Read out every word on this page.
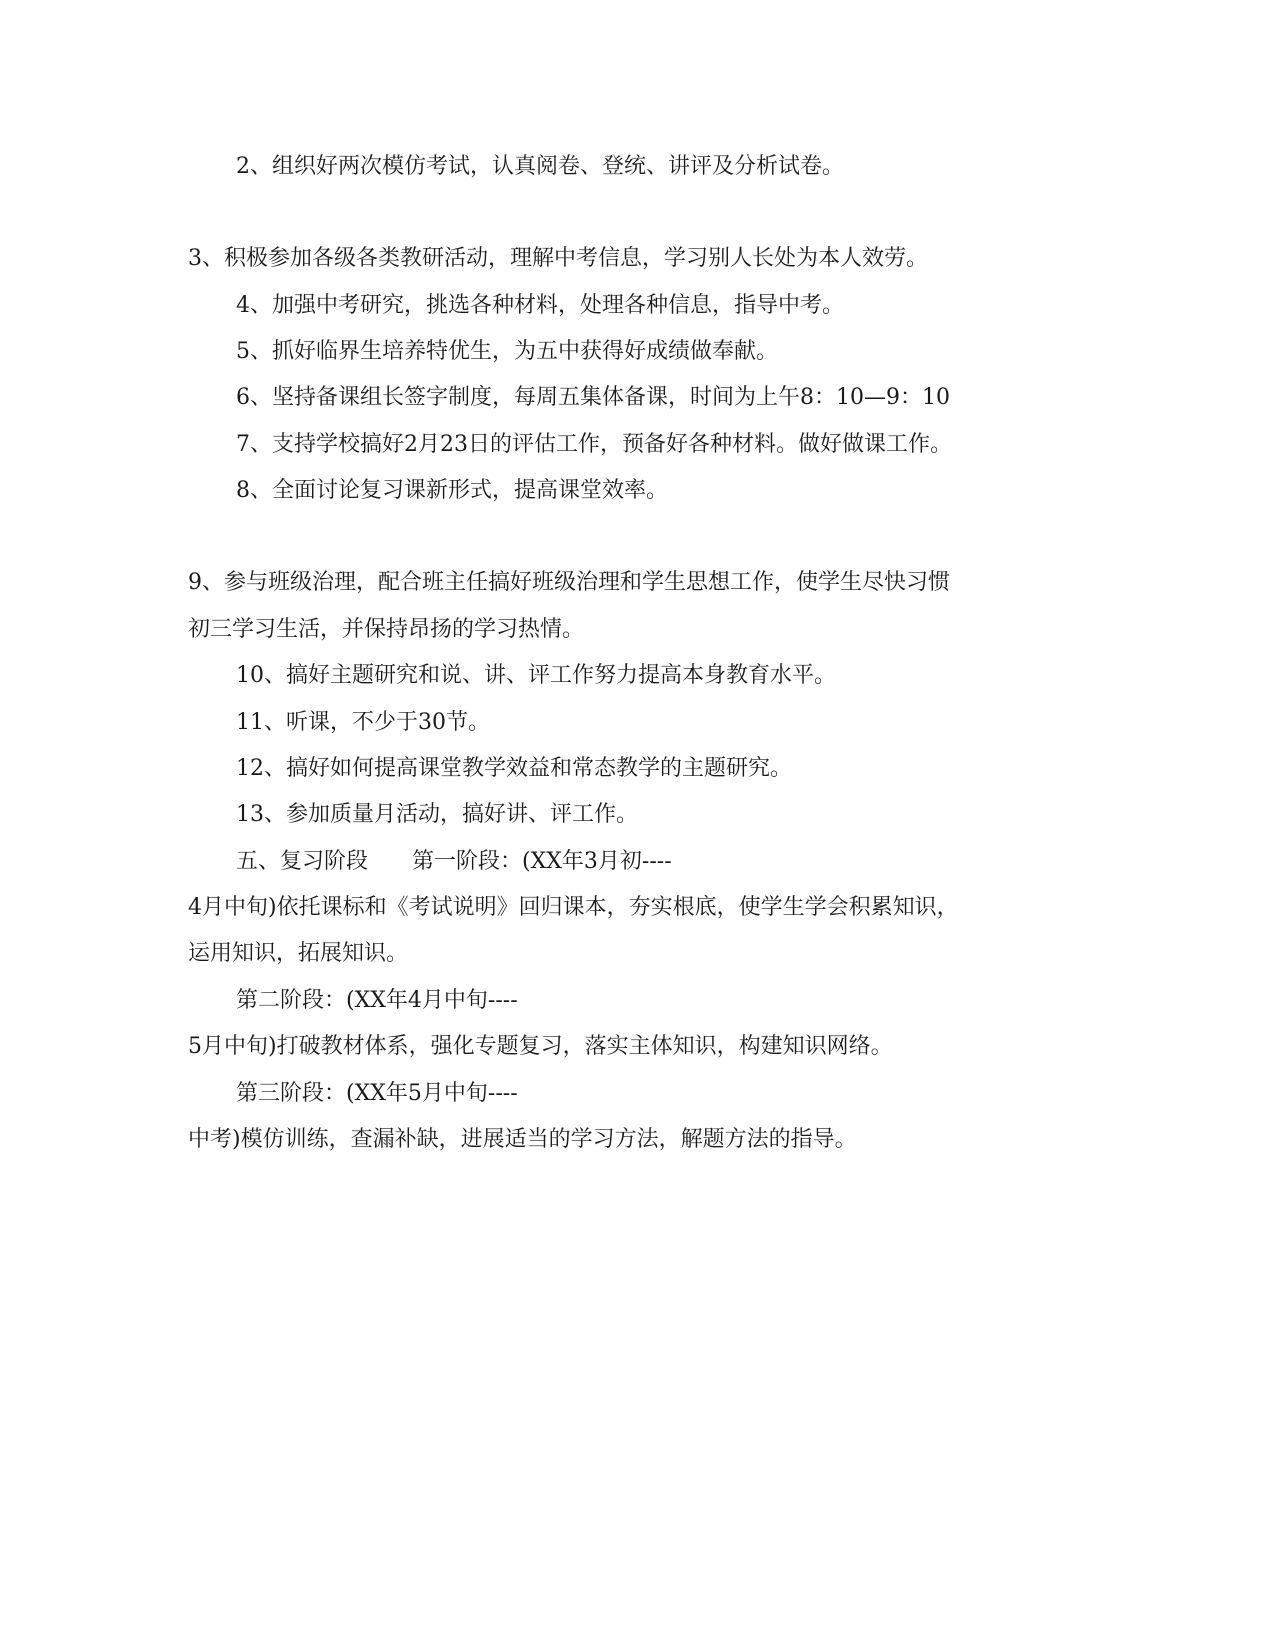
2、组织好两次模仿考试，认真阅卷、登统、讲评及分析试卷。
3、积极参加各级各类教研活动，理解中考信息，学习别人长处为本人效劳。
4、加强中考研究，挑选各种材料，处理各种信息，指导中考。
5、抓好临界生培养特优生，为五中获得好成绩做奉献。
6、坚持备课组长签字制度，每周五集体备课，时间为上午8：10—9：10
7、支持学校搞好2月23日的评估工作，预备好各种材料。做好做课工作。
8、全面讨论复习课新形式，提高课堂效率。
9、参与班级治理，配合班主任搞好班级治理和学生思想工作，使学生尽快习惯
初三学习生活，并保持昂扬的学习热情。
10、搞好主题研究和说、讲、评工作努力提高本身教育水平。
11、听课，不少于30节。
12、搞好如何提高课堂教学效益和常态教学的主题研究。
13、参加质量月活动，搞好讲、评工作。
五、复习阶段　　第一阶段：(XX年3月初----
4月中旬)依托课标和《考试说明》回归课本，夯实根底，使学生学会积累知识，
运用知识，拓展知识。
第二阶段：(XX年4月中旬----
5月中旬)打破教材体系，强化专题复习，落实主体知识，构建知识网络。
第三阶段：(XX年5月中旬----
中考)模仿训练，查漏补缺，进展适当的学习方法，解题方法的指导。
